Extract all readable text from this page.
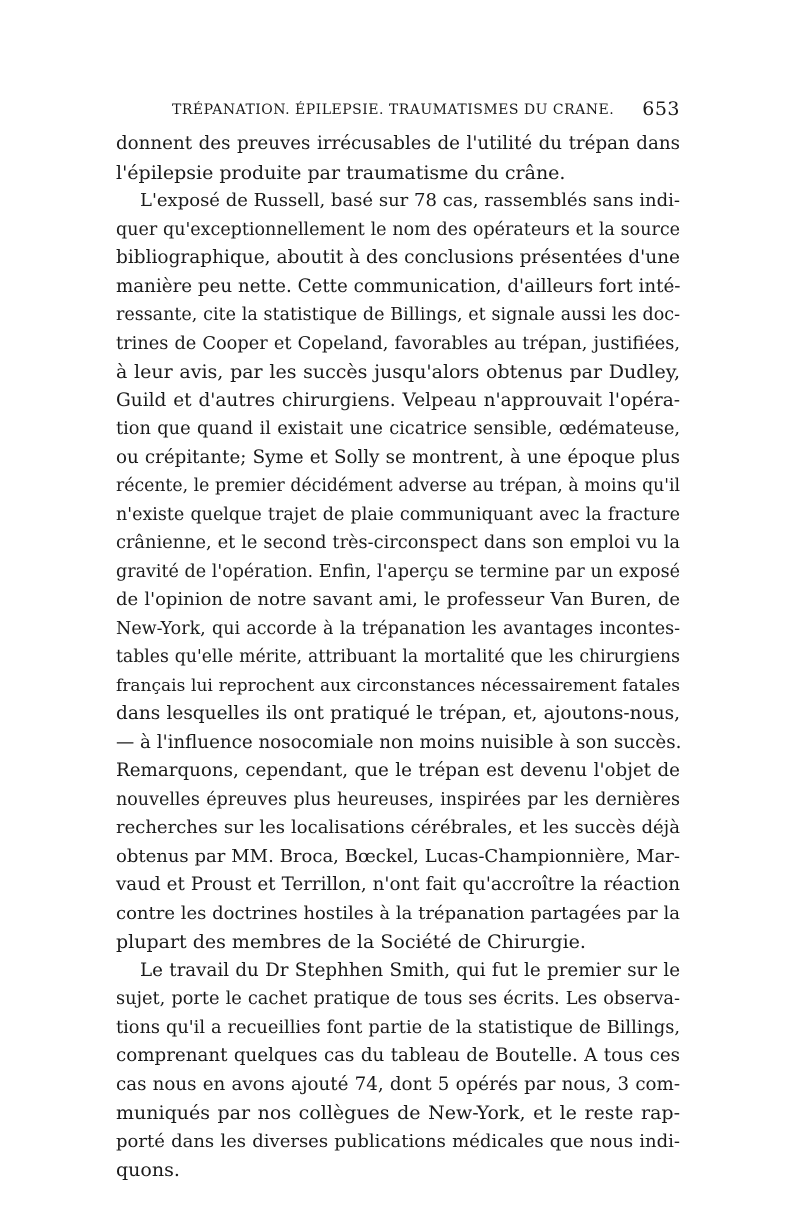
TRÉPANATION. ÉPILEPSIE. TRAUMATISMES DU CRANE. 653
donnent des preuves irrécusables de l'utilité du trépan dans
l'épilepsie produite par traumatisme du crâne.
L'exposé de Russell, basé sur 78 cas, rassemblés sans indi-
quer qu'exceptionnellement le nom des opérateurs et la source
bibliographique, aboutit à des conclusions présentées d'une
manière peu nette. Cette communication, d'ailleurs fort inté-
ressante, cite la statistique de Billings, et signale aussi les doc-
trines de Cooper et Copeland, favorables au trépan, justifiées,
à leur avis, par les succès jusqu'alors obtenus par Dudley,
Guild et d'autres chirurgiens. Velpeau n'approuvait l'opéra-
tion que quand il existait une cicatrice sensible, œdémateuse,
ou crépitante; Syme et Solly se montrent, à une époque plus
récente, le premier décidément adverse au trépan, à moins qu'il
n'existe quelque trajet de plaie communiquant avec la fracture
crânienne, et le second très-circonspect dans son emploi vu la
gravité de l'opération. Enfin, l'aperçu se termine par un exposé
de l'opinion de notre savant ami, le professeur Van Buren, de
New-York, qui accorde à la trépanation les avantages incontes-
tables qu'elle mérite, attribuant la mortalité que les chirurgiens
français lui reprochent aux circonstances nécessairement fatales
dans lesquelles ils ont pratiqué le trépan, et, ajoutons-nous,
— à l'influence nosocomiale non moins nuisible à son succès.
Remarquons, cependant, que le trépan est devenu l'objet de
nouvelles épreuves plus heureuses, inspirées par les dernières
recherches sur les localisations cérébrales, et les succès déjà
obtenus par MM. Broca, Bœckel, Lucas-Championnière, Mar-
vaud et Proust et Terrillon, n'ont fait qu'accroître la réaction
contre les doctrines hostiles à la trépanation partagées par la
plupart des membres de la Société de Chirurgie.
Le travail du Dr Stephhen Smith, qui fut le premier sur le
sujet, porte le cachet pratique de tous ses écrits. Les observa-
tions qu'il a recueillies font partie de la statistique de Billings,
comprenant quelques cas du tableau de Boutelle. A tous ces
cas nous en avons ajouté 74, dont 5 opérés par nous, 3 com-
muniqués par nos collègues de New-York, et le reste rap-
porté dans les diverses publications médicales que nous indi-
quons.
